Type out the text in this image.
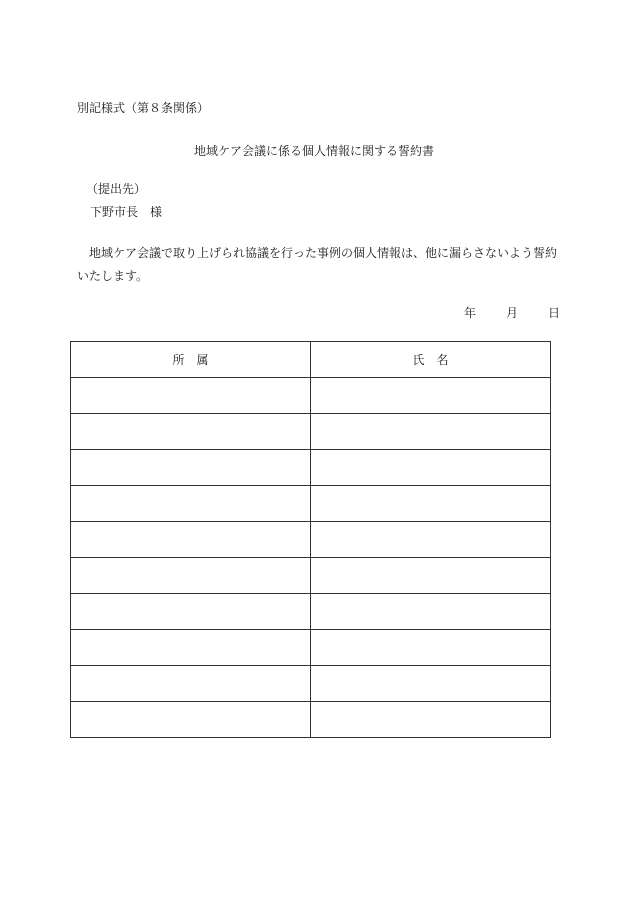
別記様式（第８条関係）
地域ケア会議に係る個人情報に関する誓約書
（提出先）
下野市長　様
地域ケア会議で取り上げられ協議を行った事例の個人情報は、他に漏らさないよう誓約いたします。
年	月	日
所　属	氏　名
